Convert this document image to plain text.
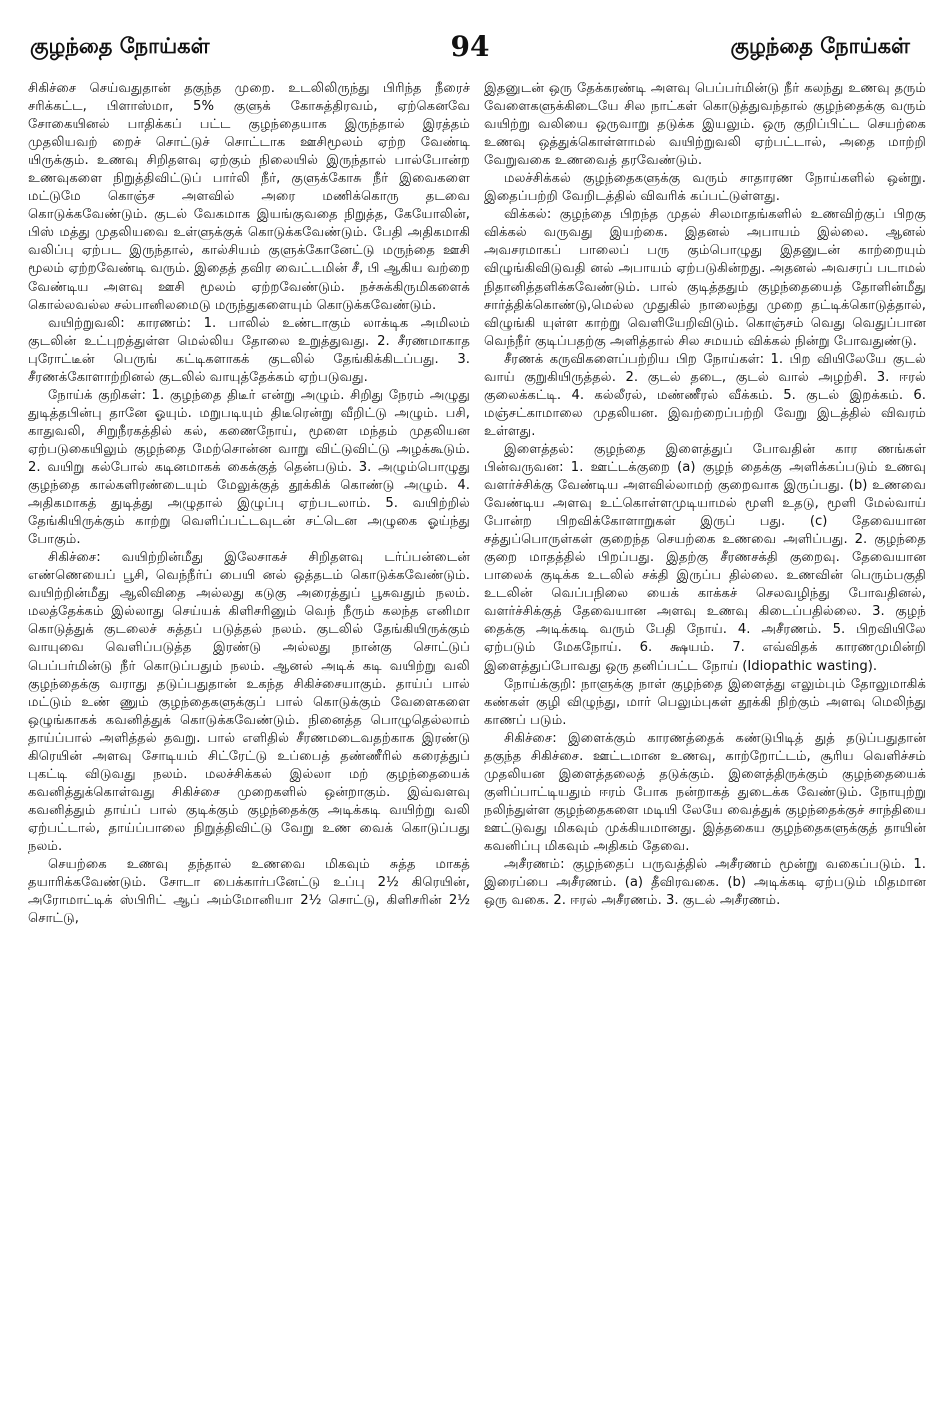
குழந்தை நோய்கள்	94	குழந்தை நோய்கள்

சிகிச்சை செய்வதுதான் தகுந்த முறை. உடலிலிருந்து பிரிந்த நீரைச் சரிக்கட்ட, பிளாஸ்மா, 5% குளுக் கோசுத்திரவம், ஏற்கெனவே சோகையினல் பாதிக்கப் பட்ட குழந்தையாக இருந்தால் இரத்தம் முதலியவற் றைச் சொட்டுச் சொட்டாக ஊசிமூலம் ஏற்ற வேண்டி யிருக்கும். உணவு சிறிதளவு ஏற்கும் நிலையில் இருந்தால் பால்போன்ற உணவுகளை நிறுத்திவிட்டுப் பார்லி நீர், குளுக்கோசு நீர் இவைகளை மட்டுமே கொஞ்ச அளவில் அரை மணிக்கொரு தடவை கொடுக்கவேண்டும். குடல் வேகமாக இயங்குவதை நிறுத்த, கேயோலின், பிஸ் மத்து முதலியவை உள்ளுக்குக் கொடுக்கவேண்டும். பேதி அதிகமாகி வலிப்பு ஏற்பட இருந்தால், கால்சியம் குளுக்கோனேட்டு மருந்தை ஊசி மூலம் ஏற்றவேண்டி வரும். இதைத் தவிர வைட்டமின் சீ, பி ஆகிய வற்றை வேண்டிய அளவு ஊசி மூலம் ஏற்றவேண்டும். நச்சுக்கிருமிகளைக் கொல்லவல்ல சல்பானிலமைடு மருந்துகளையும் கொடுக்கவேண்டும்.

வயிற்றுவலி: காரணம்: 1. பாலில் உண்டாகும் லாக்டிக அமிலம் குடலின் உட்புறத்துள்ள மெல்லிய தோலை உறுத்துவது. 2. சீரணமாகாத புரோட்டீன் பெருங் கட்டிகளாகக் குடலில் தேங்கிக்கிடப்பது. 3. சீரணக்கோளாற்றினல் குடலில் வாயுத்தேக்கம் ஏற்படுவது.

நோய்க் குறிகள்: 1. குழந்தை திடீர் என்று அழும். சிறிது நேரம் அழுது துடித்தபின்பு தானே ஓயும். மறுபடியும் திடீரென்று வீறிட்டு அழும். பசி, காதுவலி, சிறுநீரகத்தில் கல், கணைநோய், மூளை மந்தம் முதலியன ஏற்படுகையிலும் குழந்தை மேற்சொன்ன வாறு விட்டுவிட்டு அழக்கூடும். 2. வயிறு கல்போல் கடினமாகக் கைக்குத் தென்படும். 3. அழும்பொழுது குழந்தை கால்களிரண்டையும் மேலுக்குத் தூக்கிக் கொண்டு அழும். 4. அதிகமாகத் துடித்து அழுதால் இழுப்பு ஏற்படலாம். 5. வயிற்றில் தேங்கியிருக்கும் காற்று வெளிப்பட்டவுடன் சட்டென அழுகை ஓய்ந்து போகும்.

சிகிச்சை: வயிற்றின்மீது இலேசாகச் சிறிதளவு டர்ப்பன்டைன் எண்ணெயைப் பூசி, வெந்நீர்ப் பையி னல் ஒத்தடம் கொடுக்கவேண்டும். வயிற்றின்மீது ஆலிவிதை அல்லது கடுகு அரைத்துப் பூசுவதும் நலம். மலத்தேக்கம் இல்லாது செய்யக் கிளிசரினும் வெந் நீரும் கலந்த எனிமா கொடுத்துக் குடலைச் சுத்தப் படுத்தல் நலம். குடலில் தேங்கியிருக்கும் வாயுவை வெளிப்படுத்த இரண்டு அல்லது நான்கு சொட்டுப் பெப்பர்மின்டு நீர் கொடுப்பதும் நலம். ஆனல் அடிக் கடி வயிற்று வலி குழந்தைக்கு வராது தடுப்பதுதான் உகந்த சிகிச்சையாகும். தாய்ப் பால் மட்டும் உண் ணும் குழந்தைகளுக்குப் பால் கொடுக்கும் வேளைகளை ஒழுங்காகக் கவனித்துக் கொடுக்கவேண்டும். நினைத்த பொழுதெல்லாம் தாய்ப்பால் அளித்தல் தவறு. பால் எளிதில் சீரணமடைவதற்காக இரண்டு கிரெயின் அளவு சோடியம் சிட்ரேட்டு உப்பைத் தண்ணீரில் கரைத்துப் புகட்டி விடுவது நலம். மலச்சிக்கல் இல்லா மற் குழந்தையைக் கவனித்துக்கொள்வது சிகிச்சை முறைகளில் ஒன்றாகும். இவ்வளவு கவனித்தும் தாய்ப் பால் குடிக்கும் குழந்தைக்கு அடிக்கடி வயிற்று வலி ஏற்பட்டால், தாய்ப்பாலை நிறுத்திவிட்டு வேறு உண வைக் கொடுப்பது நலம்.

செயற்கை உணவு தந்தால் உணவை மிகவும் சுத்த மாகத் தயாரிக்கவேண்டும். சோடா பைக்கார்பனேட்டு உப்பு 2½ கிரெயின், அரோமாட்டிக் ஸ்பிரிட் ஆப் அம்மோனியா 2½ சொட்டு, கிளிசரின் 2½ சொட்டு,

இதனுடன் ஒரு தேக்கரண்டி அளவு பெப்பர்மின்டு நீர் கலந்து உணவு தரும் வேளைகளுக்கிடையே சில நாட்கள் கொடுத்துவந்தால் குழந்தைக்கு வரும் வயிற்று வலியை ஒருவாறு தடுக்க இயலும். ஒரு குறிப்பிட்ட செயற்கை உணவு ஒத்துக்கொள்ளாமல் வயிற்றுவலி ஏற்பட்டால், அதை மாற்றி வேறுவகை உணவைத் தரவேண்டும்.

மலச்சிக்கல் குழந்தைகளுக்கு வரும் சாதாரண நோய்களில் ஒன்று. இதைப்பற்றி வேறிடத்தில் விவரிக் கப்பட்டுள்ளது.

விக்கல்: குழந்தை பிறந்த முதல் சிலமாதங்களில் உணவிற்குப் பிறகு விக்கல் வருவது இயற்கை. இதனல் அபாயம் இல்லை. ஆனல் அவசரமாகப் பாலைப் பரு கும்பொழுது இதனுடன் காற்றையும் விழுங்கிவிடுவதி னல் அபாயம் ஏற்படுகின்றது. அதனல் அவசரப் படாமல் நிதானித்தளிக்கவேண்டும். பால் குடித்ததும் குழந்தையைத் தோளின்மீது சார்த்திக்கொண்டு,மெல்ல முதுகில் நாலைந்து முறை தட்டிக்கொடுத்தால், விழுங்கி யுள்ள காற்று வெளியேறிவிடும். கொஞ்சம் வெது வெதுப்பான வெந்நீர் குடிப்பதற்கு அளித்தால் சில சமயம் விக்கல் நின்று போவதுண்டு.

சீரணக் கருவிகளைப்பற்றிய பிற நோய்கள்: 1. பிற வியிலேயே குடல் வாய் குறுகியிருத்தல். 2. குடல் தடை, குடல் வால் அழற்சி. 3. ஈரல் குலைக்கட்டி. 4. கல்லீரல், மண்ணீரல் வீக்கம். 5. குடல் இறக்கம். 6. மஞ்சட்காமாலை முதலியன. இவற்றைப்பற்றி வேறு இடத்தில் விவரம் உள்ளது.

இளைத்தல்: குழந்தை இளைத்துப் போவதின் கார ணங்கள் பின்வருவன: 1. ஊட்டக்குறை (a) குழந் தைக்கு அளிக்கப்படும் உணவு வளர்ச்சிக்கு வேண்டிய அளவில்லாமற் குறைவாக இருப்பது. (b) உணவை வேண்டிய அளவு உட்கொள்ளமுடியாமல் மூளி உதடு, மூளி மேல்வாய் போன்ற பிறவிக்கோளாறுகள் இருப் பது. (c) தேவையான சத்துப்பொருள்கள் குறைந்த செயற்கை உணவை அளிப்பது. 2. குழந்தை குறை மாதத்தில் பிறப்பது. இதற்கு சீரணசக்தி குறைவு. தேவையான பாலைக் குடிக்க உடலில் சக்தி இருப்ப தில்லை. உணவின் பெரும்பகுதி உடலின் வெப்பநிலை யைக் காக்கச் செலவழிந்து போவதினல், வளர்ச்சிக்குத் தேவையான அளவு உணவு கிடைப்பதில்லை. 3. குழந் தைக்கு அடிக்கடி வரும் பேதி நோய். 4. அசீரணம். 5. பிறவியிலே ஏற்படும் மேகநோய். 6. க்ஷயம். 7. எவ்விதக் காரணமுமின்றி இளைத்துப்போவது ஒரு தனிப்பட்ட நோய் (Idiopathic wasting).

நோய்க்குறி: நாளுக்கு நாள் குழந்தை இளைத்து எலும்பும் தோலுமாகிக் கண்கள் குழி விழுந்து, மார் பெலும்புகள் தூக்கி நிற்கும் அளவு மெலிந்து காணப் படும்.

சிகிச்சை: இளைக்கும் காரணத்தைக் கண்டுபிடித் துத் தடுப்பதுதான் தகுந்த சிகிச்சை. ஊட்டமான உணவு, காற்றோட்டம், சூரிய வெளிச்சம் முதலியன இளைத்தலைத் தடுக்கும். இளைத்திருக்கும் குழந்தையைக் குளிப்பாட்டியதும் ஈரம் போக நன்றாகத் துடைக்க வேண்டும். நோயுற்று நலிந்துள்ள குழந்தைகளை மடியி லேயே வைத்துக் குழந்தைக்குச் சாந்தியை ஊட்டுவது மிகவும் முக்கியமானது. இத்தகைய குழந்தைகளுக்குத் தாயின் கவனிப்பு மிகவும் அதிகம் தேவை.

அசீரணம்: குழந்தைப் பருவத்தில் அசீரணம் மூன்று வகைப்படும். 1. இரைப்பை அசீரணம். (a) தீவிரவகை. (b) அடிக்கடி ஏற்படும் மிதமான ஒரு வகை. 2. ஈரல் அசீரணம். 3. குடல் அசீரணம்.
